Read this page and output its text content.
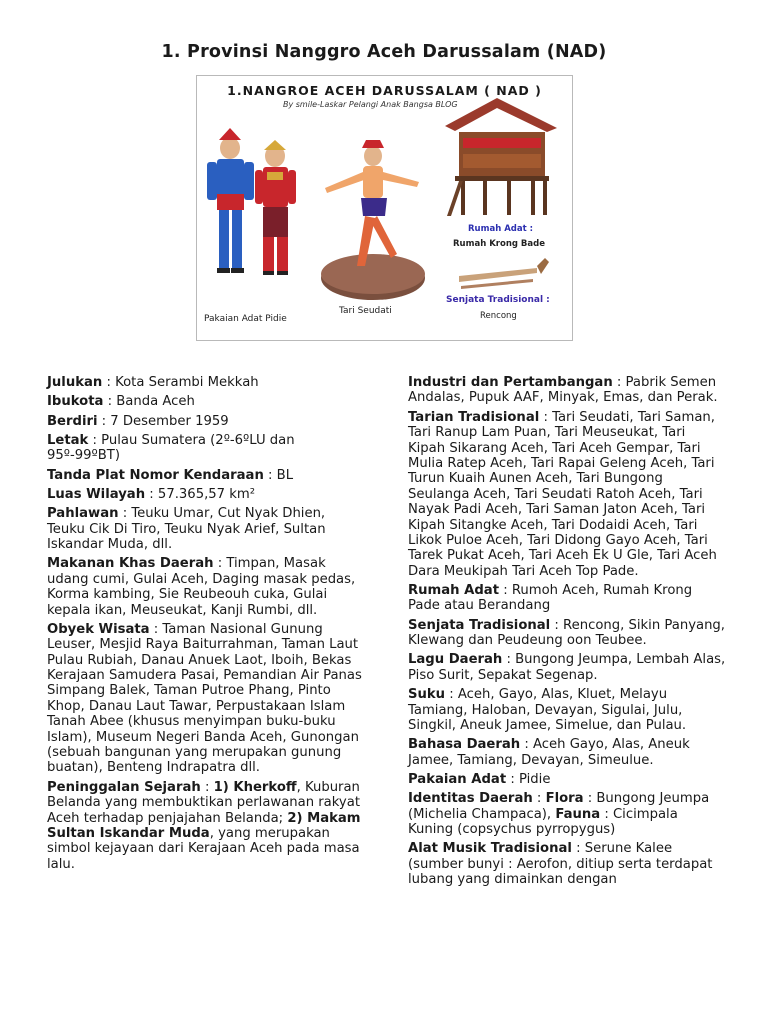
1. Provinsi Nanggro Aceh Darussalam (NAD)
1.NANGROE ACEH DARUSSALAM ( NAD )
By smile-Laskar Pelangi Anak Bangsa BLOG
Pakaian Adat Pidie
Tari Seudati
Rumah Adat :
Rumah Krong Bade
Senjata Tradisional :
Rencong
Julukan : Kota Serambi Mekkah
Ibukota : Banda Aceh
Berdiri : 7 Desember 1959
Letak : Pulau Sumatera (2º-6ºLU dan 95º-99ºBT)
Tanda Plat Nomor Kendaraan : BL
Luas Wilayah : 57.365,57 km²
Pahlawan : Teuku Umar, Cut Nyak Dhien, Teuku Cik Di Tiro, Teuku Nyak Arief, Sultan Iskandar Muda, dll.
Makanan Khas Daerah : Timpan, Masak udang cumi, Gulai Aceh, Daging masak pedas, Korma kambing, Sie Reubeouh cuka, Gulai kepala ikan, Meuseukat, Kanji Rumbi, dll.
Obyek Wisata : Taman Nasional Gunung Leuser, Mesjid Raya Baiturrahman, Taman Laut Pulau Rubiah, Danau Anuek Laot, Iboih, Bekas Kerajaan Samudera Pasai, Pemandian Air Panas Simpang Balek, Taman Putroe Phang, Pinto Khop, Danau Laut Tawar, Perpustakaan Islam Tanah Abee (khusus menyimpan buku-buku Islam), Museum Negeri Banda Aceh, Gunongan (sebuah bangunan yang merupakan gunung buatan), Benteng Indrapatra dll.
Peninggalan Sejarah : 1) Kherkoff, Kuburan Belanda yang membuktikan perlawanan rakyat Aceh terhadap penjajahan Belanda; 2) Makam Sultan Iskandar Muda, yang merupakan simbol kejayaan dari Kerajaan Aceh pada masa lalu.
Industri dan Pertambangan : Pabrik Semen Andalas, Pupuk AAF, Minyak, Emas, dan Perak.
Tarian Tradisional : Tari Seudati, Tari Saman, Tari Ranup Lam Puan, Tari Meuseukat, Tari Kipah Sikarang Aceh, Tari Aceh Gempar, Tari Mulia Ratep Aceh, Tari Rapai Geleng Aceh, Tari Turun Kuaih Aunen Aceh, Tari Bungong Seulanga Aceh, Tari Seudati Ratoh Aceh, Tari Nayak Padi Aceh, Tari Saman Jaton Aceh, Tari Kipah Sitangke Aceh, Tari Dodaidi Aceh, Tari Likok Puloe Aceh, Tari Didong Gayo Aceh, Tari Tarek Pukat Aceh, Tari Aceh Ek U Gle, Tari Aceh Dara Meukipah Tari Aceh Top Pade.
Rumah Adat : Rumoh Aceh, Rumah Krong Pade atau Berandang
Senjata Tradisional : Rencong, Sikin Panyang, Klewang dan Peudeung oon Teubee.
Lagu Daerah : Bungong Jeumpa, Lembah Alas, Piso Surit, Sepakat Segenap.
Suku : Aceh, Gayo, Alas, Kluet, Melayu Tamiang, Haloban, Devayan, Sigulai, Julu, Singkil, Aneuk Jamee, Simelue, dan Pulau.
Bahasa Daerah : Aceh Gayo, Alas, Aneuk Jamee, Tamiang, Devayan, Simeulue.
Pakaian Adat : Pidie
Identitas Daerah : Flora : Bungong Jeumpa (Michelia Champaca), Fauna : Cicimpala Kuning (copsychus pyrropygus)
Alat Musik Tradisional : Serune Kalee (sumber bunyi : Aerofon, ditiup serta terdapat lubang yang dimainkan dengan
